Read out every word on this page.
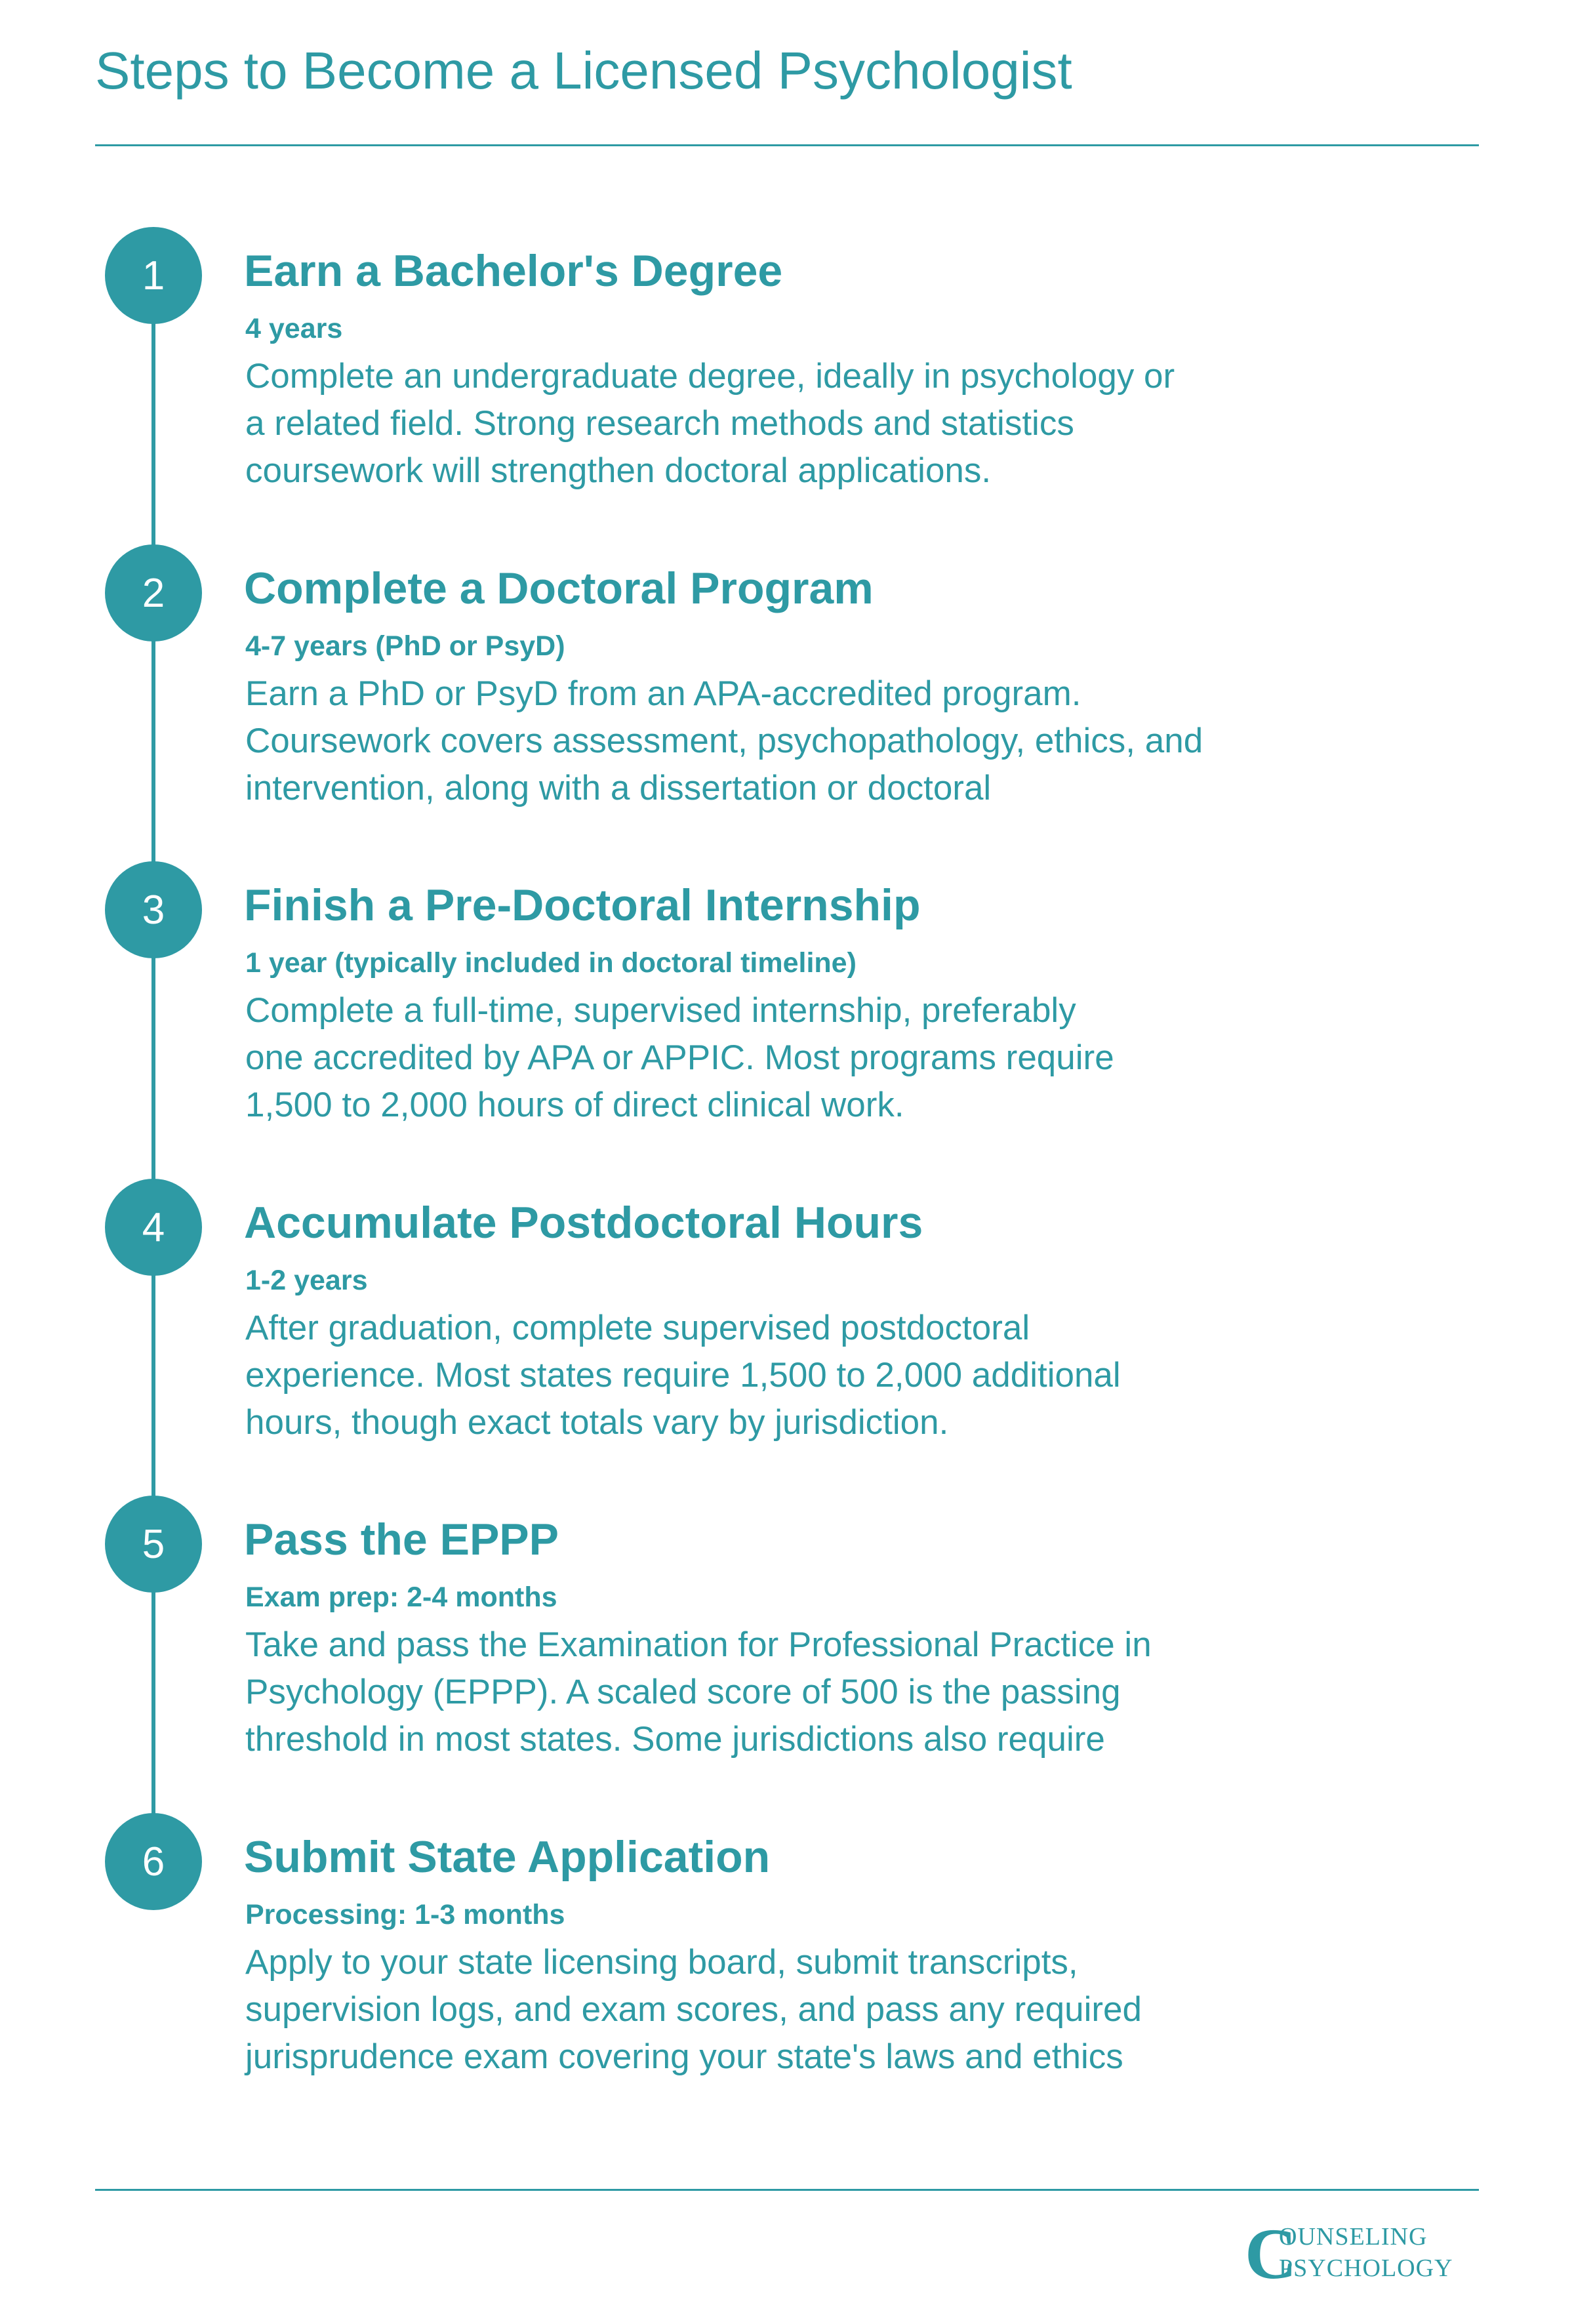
Steps to Become a Licensed Psychologist
1	Earn a Bachelor's Degree

4 years

Complete an undergraduate degree, ideally in psychology or
a related field. Strong research methods and statistics
coursework will strengthen doctoral applications.

2	Complete a Doctoral Program

4-7 years (PhD or PsyD)

Earn a PhD or PsyD from an APA-accredited program.
Coursework covers assessment, psychopathology, ethics, and
intervention, along with a dissertation or doctoral

3	Finish a Pre-Doctoral Internship

1 year (typically included in doctoral timeline)

Complete a full-time, supervised internship, preferably
one accredited by APA or APPIC. Most programs require
1,500 to 2,000 hours of direct clinical work.

4	Accumulate Postdoctoral Hours

1-2 years

After graduation, complete supervised postdoctoral
experience. Most states require 1,500 to 2,000 additional
hours, though exact totals vary by jurisdiction.

5	Pass the EPPP

Exam prep: 2-4 months

Take and pass the Examination for Professional Practice in
Psychology (EPPP). A scaled score of 500 is the passing
threshold in most states. Some jurisdictions also require

6	Submit State Application

Processing: 1-3 months

Apply to your state licensing board, submit transcripts,
supervision logs, and exam scores, and pass any required
jurisprudence exam covering your state's laws and ethics

C
OUNSELING
PSYCHOLOGY
